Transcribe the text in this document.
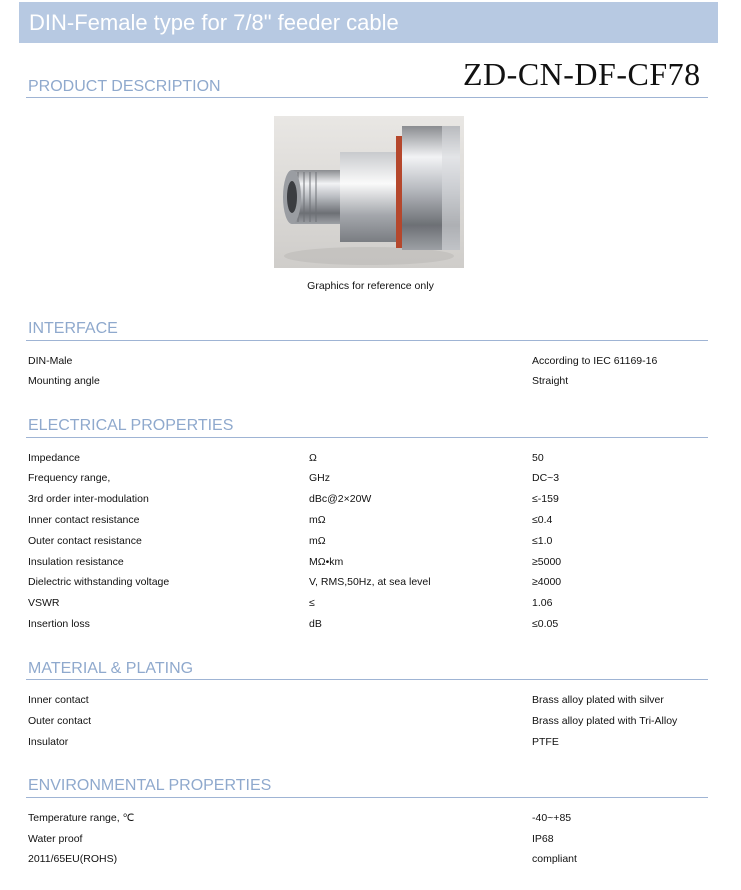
DIN-Female type for 7/8" feeder cable
PRODUCT DESCRIPTION	ZD-CN-DF-CF78
Graphics for reference only
INTERFACE
DIN-Male	According to IEC 61169-16
Mounting angle	Straight
ELECTRICAL PROPERTIES
Impedance	Ω	50
Frequency range,	GHz	DC~3
3rd order inter-modulation	dBc@2×20W	≤-159
Inner contact resistance	mΩ	≤0.4
Outer contact resistance	mΩ	≤1.0
Insulation resistance	MΩ•km	≥5000
Dielectric withstanding voltage	V, RMS,50Hz, at sea level	≥4000
VSWR	≤	1.06
Insertion loss	dB	≤0.05
MATERIAL & PLATING
Inner contact	Brass alloy plated with silver
Outer contact	Brass alloy plated with Tri-Alloy
Insulator	PTFE
ENVIRONMENTAL PROPERTIES
Temperature range, ℃	-40~+85
Water proof	IP68
2011/65EU(ROHS)	compliant
